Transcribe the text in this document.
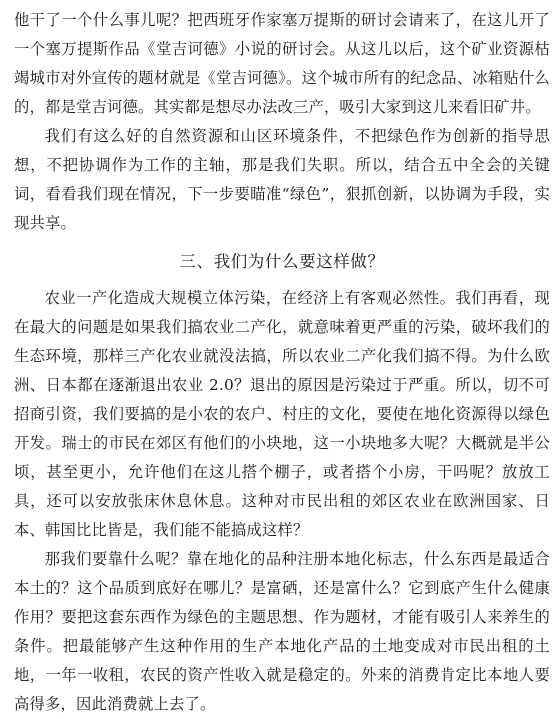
他干了一个什么事儿呢？把西班牙作家塞万提斯的研讨会请来了，在这儿开了一个塞万提斯作品《堂吉诃德》小说的研讨会。从这儿以后，这个矿业资源枯竭城市对外宣传的题材就是《堂吉诃德》。这个城市所有的纪念品、冰箱贴什么的，都是堂吉诃德。其实都是想尽办法改三产，吸引大家到这儿来看旧矿井。

我们有这么好的自然资源和山区环境条件，不把绿色作为创新的指导思想，不把协调作为工作的主轴，那是我们失职。所以，结合五中全会的关键词，看看我们现在情况，下一步要瞄准“绿色”，狠抓创新，以协调为手段，实现共享。

三、我们为什么要这样做？

农业一产化造成大规模立体污染，在经济上有客观必然性。我们再看，现在最大的问题是如果我们搞农业二产化，就意味着更严重的污染，破坏我们的生态环境，那样三产化农业就没法搞，所以农业二产化我们搞不得。为什么欧洲、日本都在逐渐退出农业 2.0？退出的原因是污染过于严重。所以，切不可招商引资，我们要搞的是小农的农户、村庄的文化，要使在地化资源得以绿色开发。瑞士的市民在郊区有他们的小块地，这一小块地多大呢？大概就是半公顷，甚至更小，允许他们在这儿搭个棚子，或者搭个小房，干吗呢？放放工具，还可以安放张床休息休息。这种对市民出租的郊区农业在欧洲国家、日本、韩国比比皆是，我们能不能搞成这样？

那我们要靠什么呢？靠在地化的品种注册本地化标志，什么东西是最适合本土的？这个品质到底好在哪儿？是富硒，还是富什么？它到底产生什么健康作用？要把这套东西作为绿色的主题思想、作为题材，才能有吸引人来养生的条件。把最能够产生这种作用的生产本地化产品的土地变成对市民出租的土地，一年一收租，农民的资产性收入就是稳定的。外来的消费肯定比本地人要高得多，因此消费就上去了。
